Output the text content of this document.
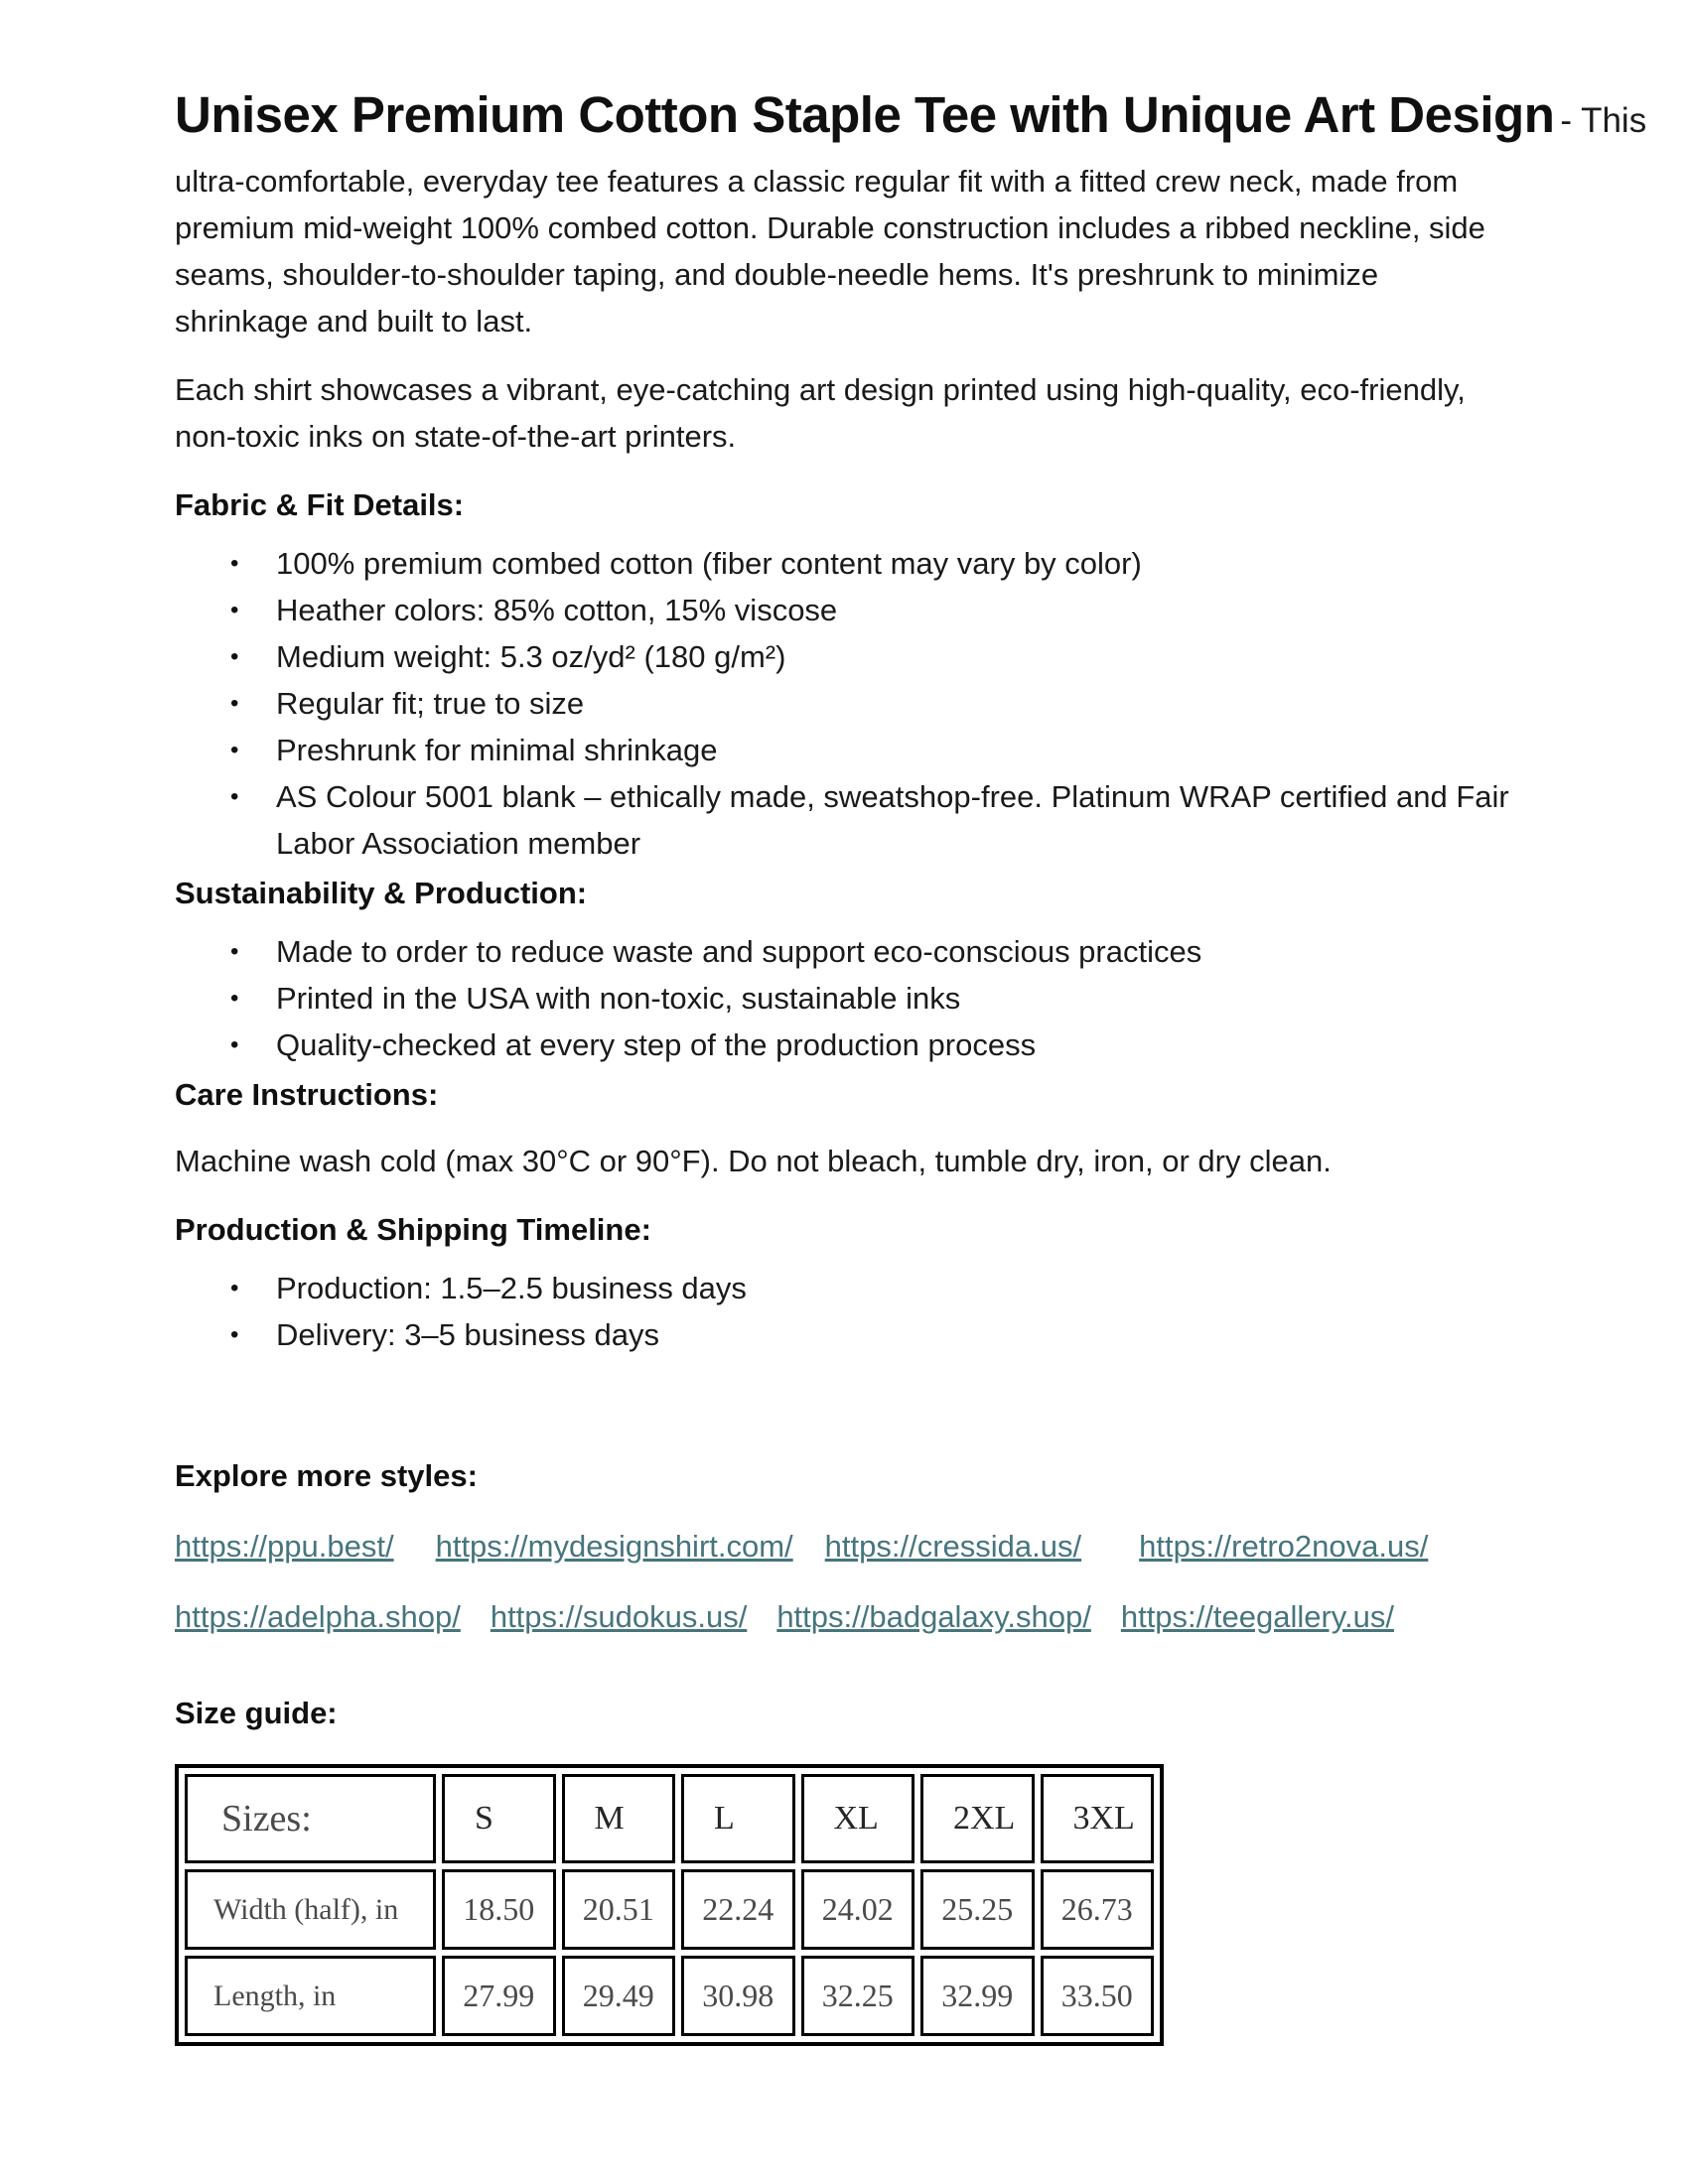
Unisex Premium Cotton Staple Tee with Unique Art Design - This
ultra-comfortable, everyday tee features a classic regular fit with a fitted crew neck, made from
premium mid-weight 100% combed cotton. Durable construction includes a ribbed neckline, side
seams, shoulder-to-shoulder taping, and double-needle hems. It's preshrunk to minimize
shrinkage and built to last.
Each shirt showcases a vibrant, eye-catching art design printed using high-quality, eco-friendly,
non-toxic inks on state-of-the-art printers.
Fabric & Fit Details:
•	100% premium combed cotton (fiber content may vary by color)
•	Heather colors: 85% cotton, 15% viscose
•	Medium weight: 5.3 oz/yd² (180 g/m²)
•	Regular fit; true to size
•	Preshrunk for minimal shrinkage
•	AS Colour 5001 blank – ethically made, sweatshop-free. Platinum WRAP certified and Fair
Labor Association member
Sustainability & Production:
•	Made to order to reduce waste and support eco-conscious practices
•	Printed in the USA with non-toxic, sustainable inks
•	Quality-checked at every step of the production process
Care Instructions:
Machine wash cold (max 30°C or 90°F). Do not bleach, tumble dry, iron, or dry clean.
Production & Shipping Timeline:
•	Production: 1.5–2.5 business days
•	Delivery: 3–5 business days
Explore more styles:
https://ppu.best/ https://mydesignshirt.com/ https://cressida.us/ https://retro2nova.us/
https://adelpha.shop/ https://sudokus.us/ https://badgalaxy.shop/ https://teegallery.us/
Size guide:
Sizes:	S	M	L	XL	2XL	3XL
Width (half), in	18.50	20.51	22.24	24.02	25.25	26.73
Length, in	27.99	29.49	30.98	32.25	32.99	33.50
